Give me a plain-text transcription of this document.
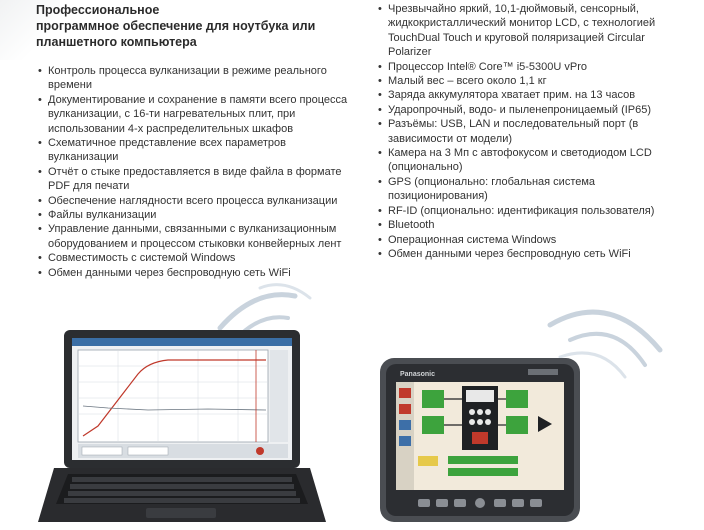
Профессиональное
программное обеспечение для ноутбука или
планшетного компьютера
• Контроль процесса вулканизации в режиме реального времени
• Документирование и сохранение в памяти всего процесса вулканизации, с 16-ти нагревательных плит, при использовании 4-х распределительных шкафов
• Схематичное представление всех параметров вулканизации
• Отчёт о стыке предоставляется в виде файла в формате PDF для печати
• Обеспечение наглядности всего процесса вулканизации
• Файлы вулканизации
• Управление данными, связанными с вулканизационным оборудованием и процессом стыковки конвейерных лент
• Совместимость с системой Windows
• Обмен данными через беспроводную сеть WiFi
• Чрезвычайно яркий, 10,1-дюймовый, сенсорный, жидкокристаллический монитор LCD, с технологией TouchDual Touch и круговой поляризацией Circular Polarizer
• Процессор Intel® Core™ i5-5300U vPro
• Малый вес – всего около 1,1 кг
• Заряда аккумулятора хватает прим. на 13 часов
• Ударопрочный, водо- и пыленепроницаемый (IP65)
• Разъёмы: USB, LAN и последовательный порт (в зависимости от модели)
• Камера на 3 Мп с автофокусом и светодиодом LCD (опционально)
• GPS (опционально: глобальная система позиционирования)
• RF-ID (опционально: идентификация пользователя)
• Bluetooth
• Операционная система Windows
• Обмен данными через беспроводную сеть WiFi
Panasonic
